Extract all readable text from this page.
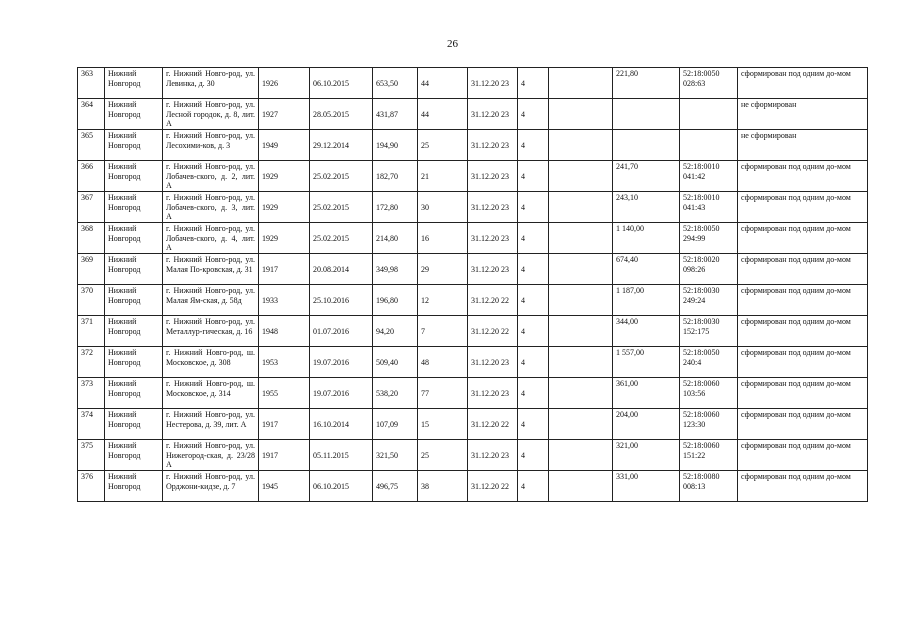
26
363	Нижний Новгород	г. Нижний Новго-род, ул. Левинка, д. 30	1926	06.10.2015	653,50	44	31.12.20 23	4		221,80	52:18:0050 028:63	сформирован под одним до-мом
364	Нижний Новгород	г. Нижний Новго-род, ул. Лесной городок, д. 8, лит. А	1927	28.05.2015	431,87	44	31.12.20 23	4				не сформирован
365	Нижний Новгород	г. Нижний Новго-род, ул. Лесохими-ков, д. 3	1949	29.12.2014	194,90	25	31.12.20 23	4				не сформирован
366	Нижний Новгород	г. Нижний Новго-род, ул. Лобачев-ского, д. 2, лит. А	1929	25.02.2015	182,70	21	31.12.20 23	4		241,70	52:18:0010 041:42	сформирован под одним до-мом
367	Нижний Новгород	г. Нижний Новго-род, ул. Лобачев-ского, д. 3, лит. А	1929	25.02.2015	172,80	30	31.12.20 23	4		243,10	52:18:0010 041:43	сформирован под одним до-мом
368	Нижний Новгород	г. Нижний Новго-род, ул. Лобачев-ского, д. 4, лит. А	1929	25.02.2015	214,80	16	31.12.20 23	4		1 140,00	52:18:0050 294:99	сформирован под одним до-мом
369	Нижний Новгород	г. Нижний Новго-род, ул. Малая По-кровская, д. 31	1917	20.08.2014	349,98	29	31.12.20 23	4		674,40	52:18:0020 098:26	сформирован под одним до-мом
370	Нижний Новгород	г. Нижний Новго-род, ул. Малая Ям-ская, д. 58д	1933	25.10.2016	196,80	12	31.12.20 22	4		1 187,00	52:18:0030 249:24	сформирован под одним до-мом
371	Нижний Новгород	г. Нижний Новго-род, ул. Металлур-гическая, д. 16	1948	01.07.2016	94,20	7	31.12.20 22	4		344,00	52:18:0030 152:175	сформирован под одним до-мом
372	Нижний Новгород	г. Нижний Новго-род, ш. Московское, д. 308	1953	19.07.2016	509,40	48	31.12.20 23	4		1 557,00	52:18:0050 240:4	сформирован под одним до-мом
373	Нижний Новгород	г. Нижний Новго-род, ш. Московское, д. 314	1955	19.07.2016	538,20	77	31.12.20 23	4		361,00	52:18:0060 103:56	сформирован под одним до-мом
374	Нижний Новгород	г. Нижний Новго-род, ул. Нестерова, д. 39, лит. А	1917	16.10.2014	107,09	15	31.12.20 22	4		204,00	52:18:0060 123:30	сформирован под одним до-мом
375	Нижний Новгород	г. Нижний Новго-род, ул. Нижегород-ская, д. 23/28 А	1917	05.11.2015	321,50	25	31.12.20 23	4		321,00	52:18:0060 151:22	сформирован под одним до-мом
376	Нижний Новгород	г. Нижний Новго-род, ул. Орджони-кидзе, д. 7	1945	06.10.2015	496,75	38	31.12.20 22	4		331,00	52:18:0080 008:13	сформирован под одним до-мом
